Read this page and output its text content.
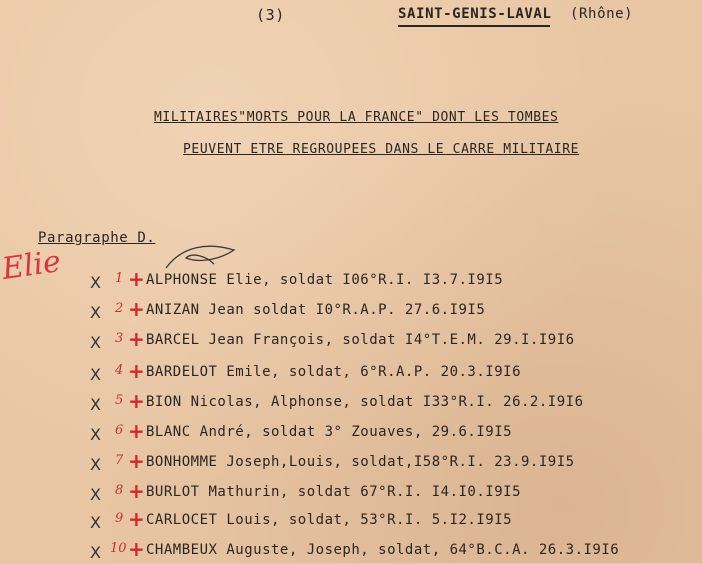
(3)	SAINT-GENIS-LAVAL (Rhône)
MILITAIRES"MORTS POUR LA FRANCE" DONT LES TOMBES
PEUVENT ETRE REGROUPEES DANS LE CARRE MILITAIRE
Paragraphe D.
Elie X 1 + ALPHONSE Elie, soldat I06°R.I. I3.7.I9I5
X 2 + ANIZAN Jean soldat I0°R.A.P. 27.6.I9I5
X 3 + BARCEL Jean François, soldat I4°T.E.M. 29.I.I9I6
X 4 + BARDELOT Emile, soldat, 6°R.A.P. 20.3.I9I6
X 5 + BION Nicolas, Alphonse, soldat I33°R.I. 26.2.I9I6
X 6 + BLANC André, soldat 3° Zouaves, 29.6.I9I5
X 7 + BONHOMME Joseph,Louis, soldat,I58°R.I. 23.9.I9I5
X 8 + BURLOT Mathurin, soldat 67°R.I. I4.I0.I9I5
X 9 + CARLOCET Louis, soldat, 53°R.I. 5.I2.I9I5
X 10 + CHAMBEUX Auguste, Joseph, soldat, 64°B.C.A. 26.3.I9I6
